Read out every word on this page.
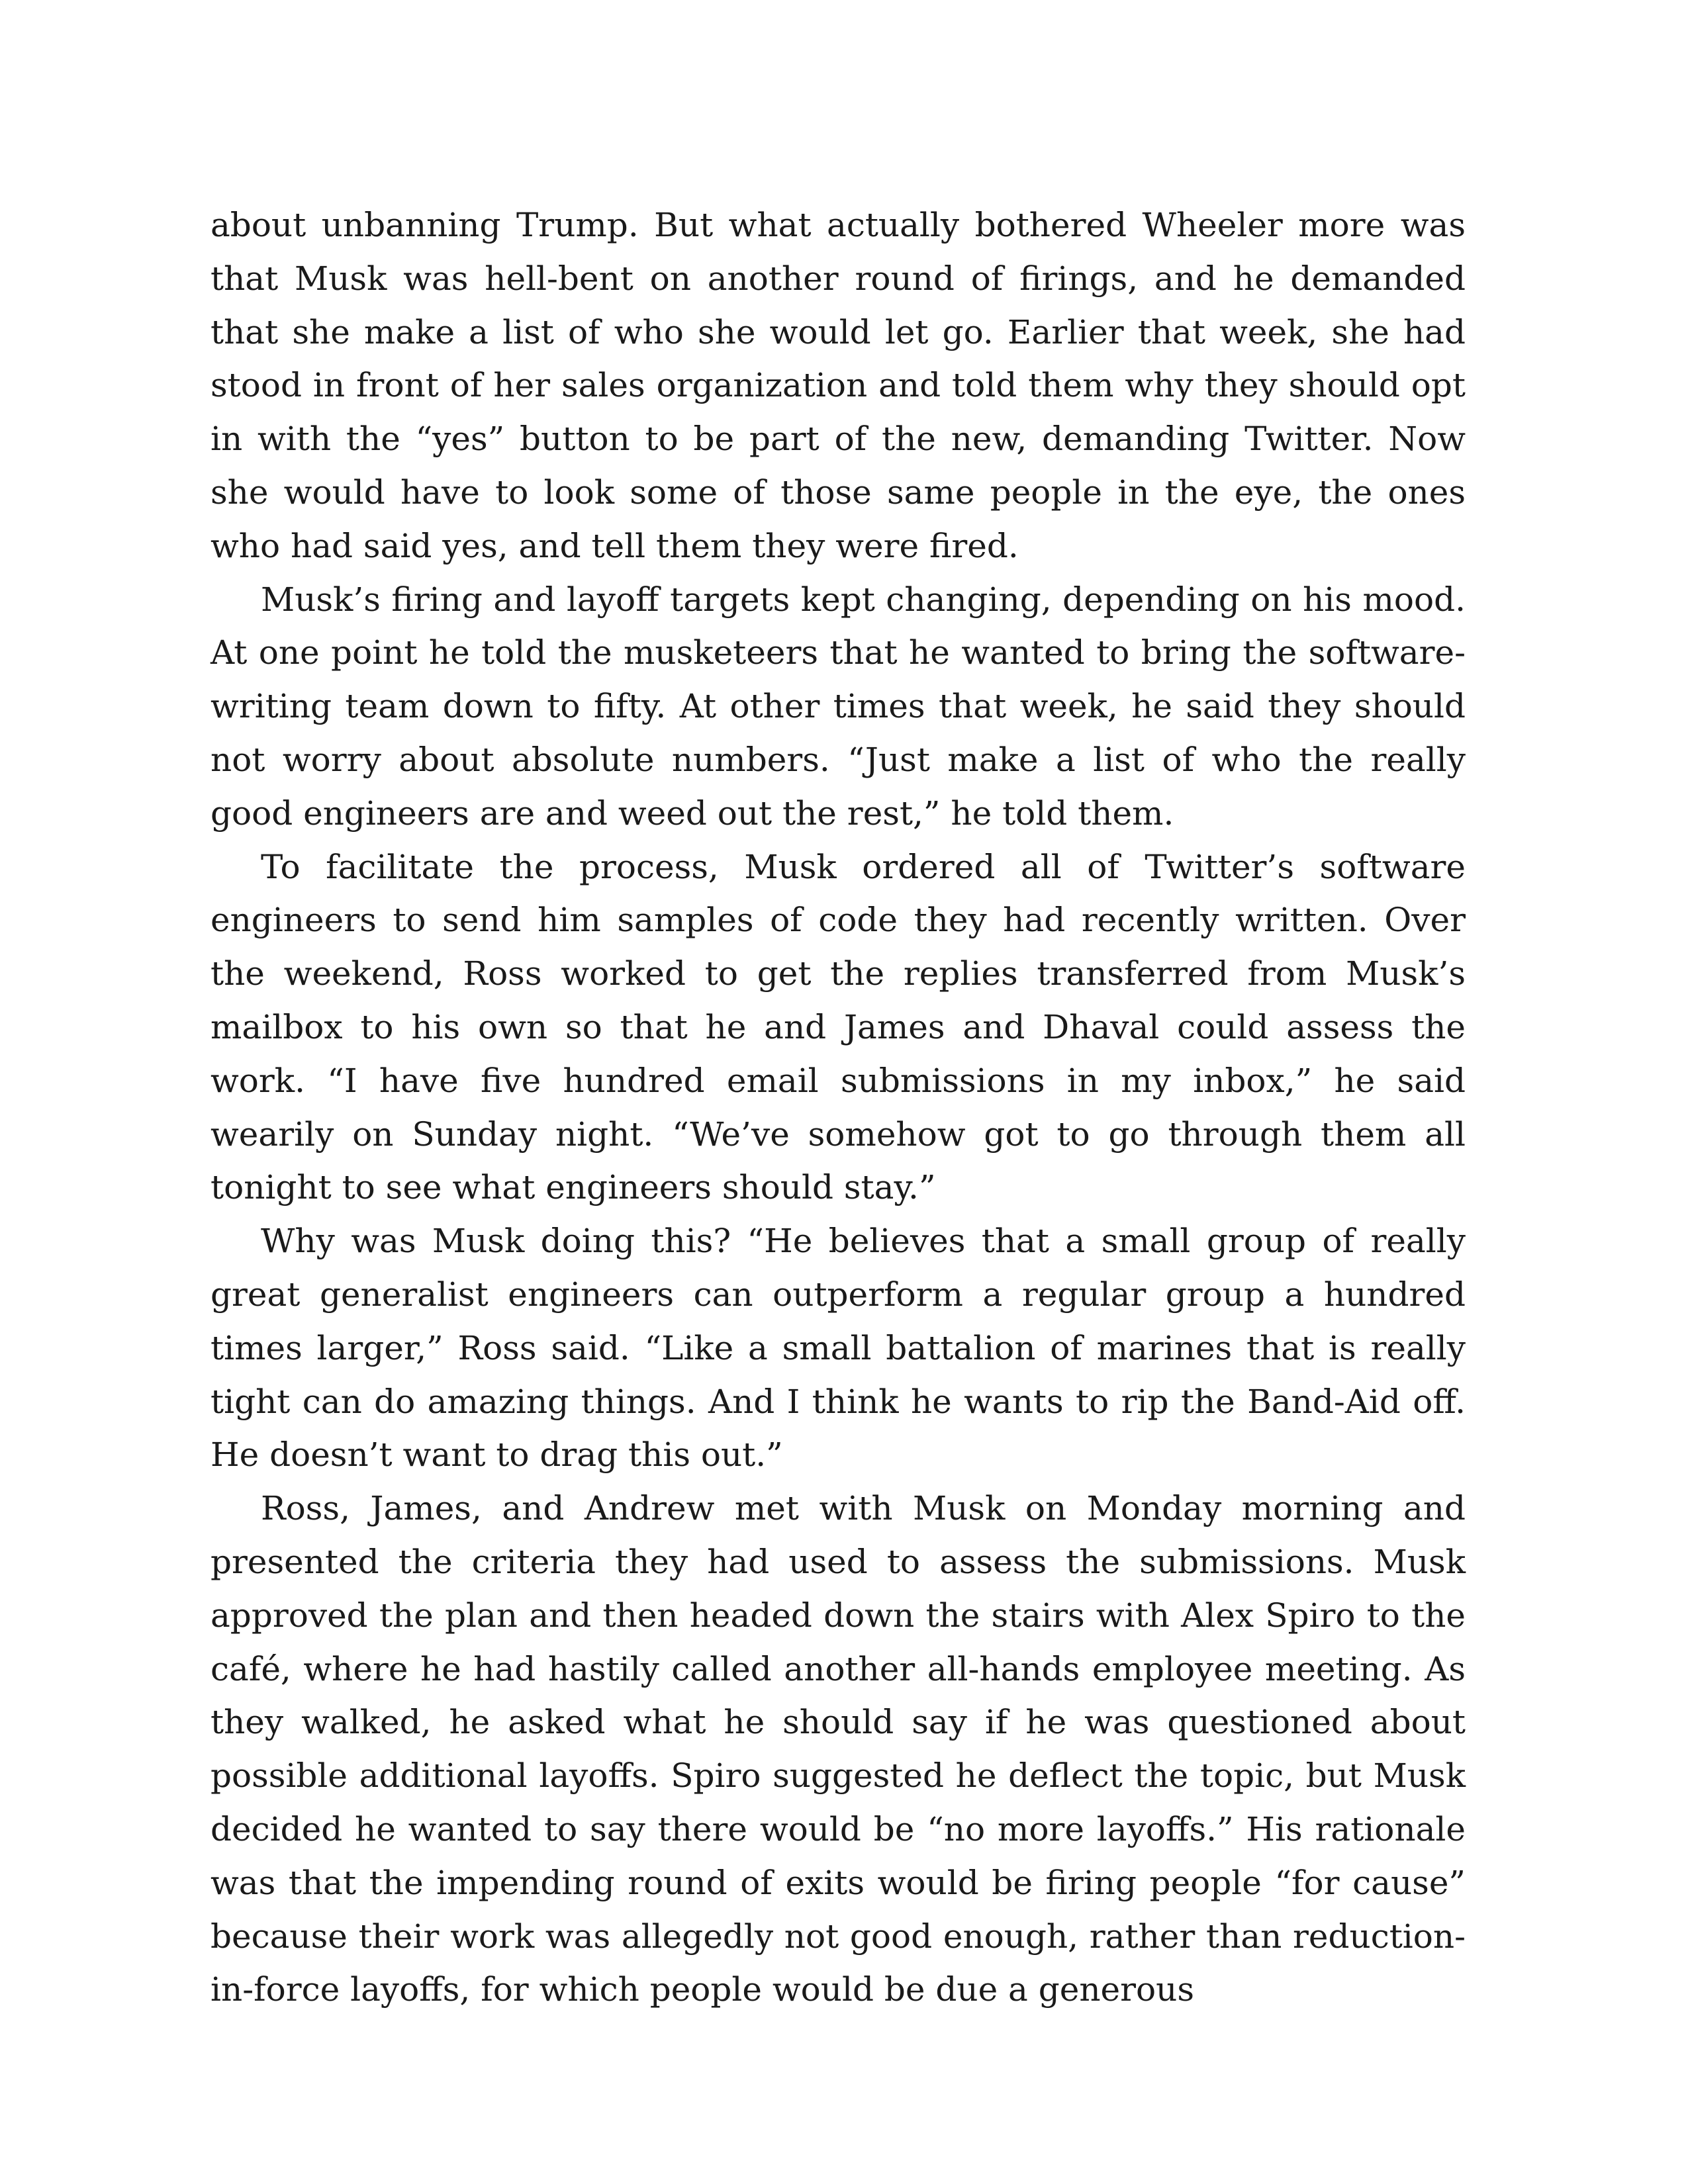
about unbanning Trump. But what actually bothered Wheeler more was that Musk was hell-bent on another round of firings, and he demanded that she make a list of who she would let go. Earlier that week, she had stood in front of her sales organization and told them why they should opt in with the “yes” button to be part of the new, demanding Twitter. Now she would have to look some of those same people in the eye, the ones who had said yes, and tell them they were fired.

Musk’s firing and layoff targets kept changing, depending on his mood. At one point he told the musketeers that he wanted to bring the software-writing team down to fifty. At other times that week, he said they should not worry about absolute numbers. “Just make a list of who the really good engineers are and weed out the rest,” he told them.

To facilitate the process, Musk ordered all of Twitter’s software engineers to send him samples of code they had recently written. Over the weekend, Ross worked to get the replies transferred from Musk’s mailbox to his own so that he and James and Dhaval could assess the work. “I have five hundred email submissions in my inbox,” he said wearily on Sunday night. “We’ve somehow got to go through them all tonight to see what engineers should stay.”

Why was Musk doing this? “He believes that a small group of really great generalist engineers can outperform a regular group a hundred times larger,” Ross said. “Like a small battalion of marines that is really tight can do amazing things. And I think he wants to rip the Band-Aid off. He doesn’t want to drag this out.”

Ross, James, and Andrew met with Musk on Monday morning and presented the criteria they had used to assess the submissions. Musk approved the plan and then headed down the stairs with Alex Spiro to the café, where he had hastily called another all-hands employee meeting. As they walked, he asked what he should say if he was questioned about possible additional layoffs. Spiro suggested he deflect the topic, but Musk decided he wanted to say there would be “no more layoffs.” His rationale was that the impending round of exits would be firing people “for cause” because their work was allegedly not good enough, rather than reduction-in-force layoffs, for which people would be due a generous
